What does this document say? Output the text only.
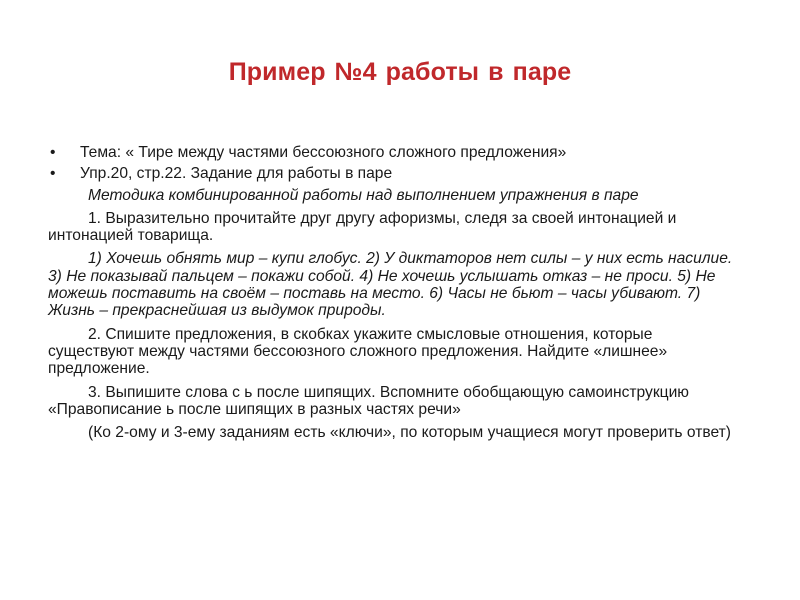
Пример №4 работы в паре
• Тема: « Тире между частями бессоюзного сложного предложения»
• Упр.20, стр.22. Задание для работы в паре
Методика комбинированной работы над выполнением упражнения в паре
1. Выразительно прочитайте друг другу афоризмы, следя за своей интонацией и интонацией товарища.
1) Хочешь обнять мир – купи глобус. 2) У диктаторов нет силы – у них есть насилие. 3) Не показывай пальцем – покажи собой. 4) Не хочешь услышать отказ – не проси. 5) Не можешь поставить на своём – поставь на место. 6) Часы не бьют – часы убивают. 7) Жизнь – прекраснейшая из выдумок природы.
2. Спишите предложения, в скобках укажите смысловые отношения, которые существуют между частями бессоюзного сложного предложения. Найдите «лишнее» предложение.
3. Выпишите слова с ь после шипящих. Вспомните обобщающую самоинструкцию «Правописание ь после шипящих в разных частях речи»
(Ко 2-ому и 3-ему заданиям есть «ключи», по которым учащиеся могут проверить ответ)
